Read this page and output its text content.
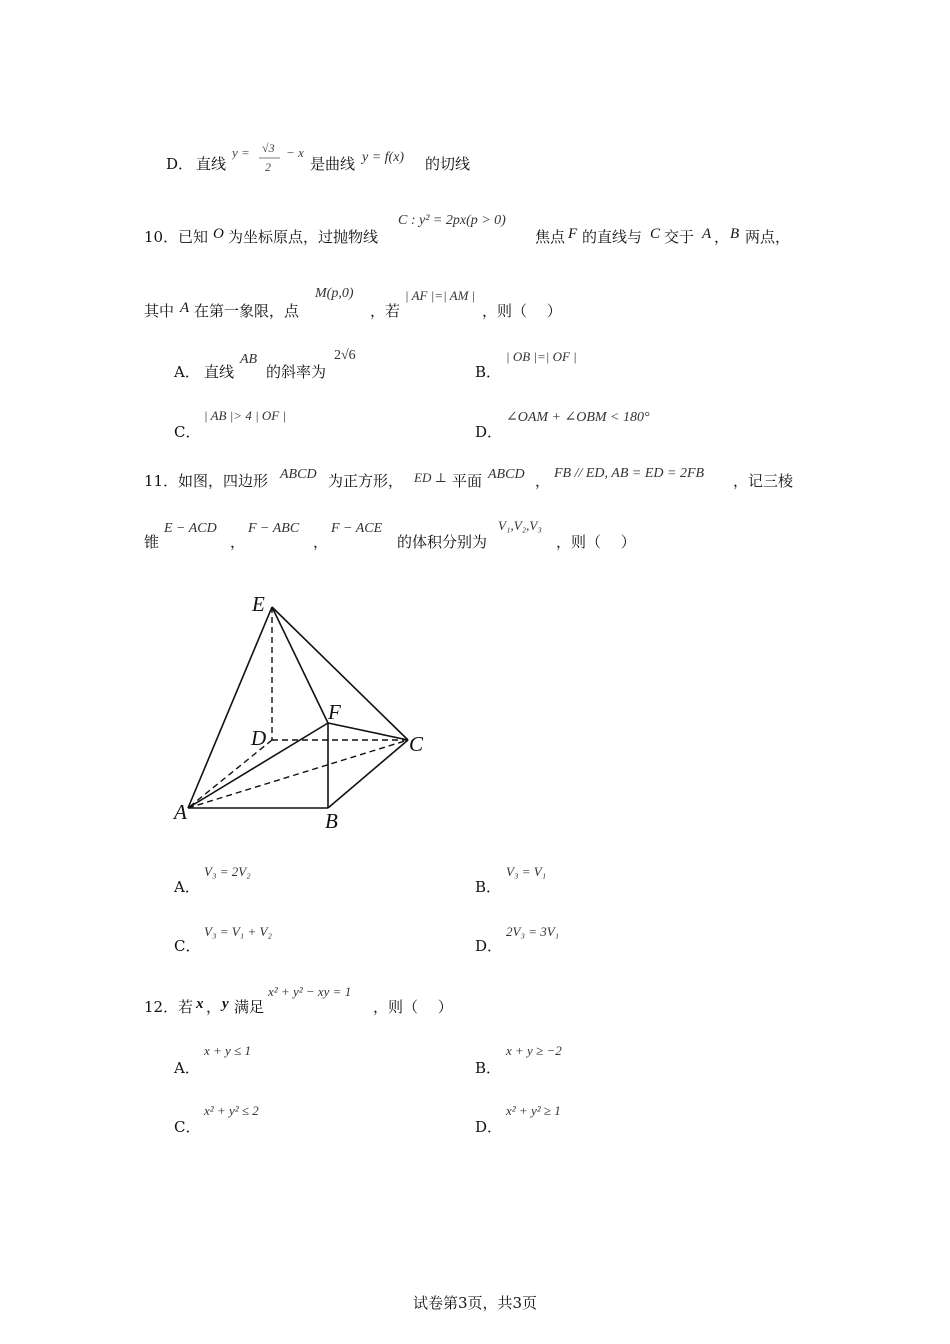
D． 直线
y = √3
2
− x
是曲线 y = f(x) 的切线
10． 已知 O 为坐标原点，过抛物线
C : y² = 2px(p > 0)
焦点 F 的直线与 C 交于 A ， B 两点，
其中 A 在第一象限，点
M(p,0)
，若
| AF |=| AM |
，则（　 ）
A． 直线
AB
的斜率为
2√6
B．
| OB |=| OF |
C．
| AB |> 4 | OF |
D．
∠OAM + ∠OBM < 180°
11． 如图，四边形 ABCD 为正方形， ED ⊥ 平面 ABCD ， FB // ED, AB = ED = 2FB ，记三棱
锥
E − ACD
，
F − ABC
，
F − ACE
的体积分别为
V₁,V₂,V₃
，则（　 ）
E
F
D	C
A	B
A．
V₃ = 2V₂
B．
V₃ = V₁
C．
V₃ = V₁ + V₂
D．
2V₃ = 3V₁
12． 若 x ， y 满足
x² + y² − xy = 1
，则（　 ）
A．
x + y ≤ 1
B．
x + y ≥ −2
C．
x² + y² ≤ 2
D．
x² + y² ≥ 1
试卷第3页，共3页
